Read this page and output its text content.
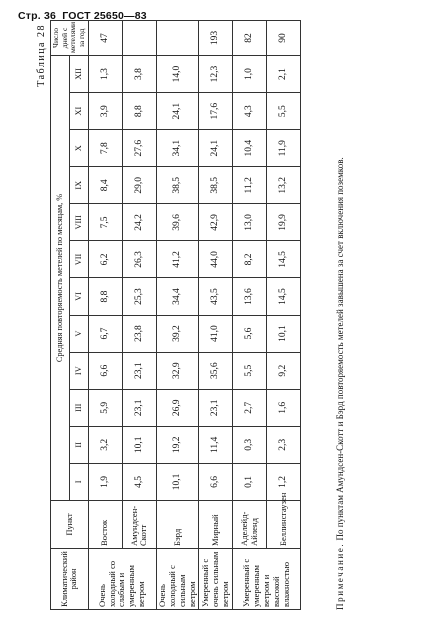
Стр. 36 ГОСТ 25650—83
Таблица 28
Климатический район	Пункт	Средняя повторяемость метелей по месяцам, %												Число дней с метелями за год
		I	II	III	IV	V	VI	VII	VIII	IX	X	XI	XII	
Очень холодный со слабым и умеренным ветром	Восток	1,9	3,2	5,9	6,6	6,7	8,8	6,2	7,5	8,4	7,8	3,9	1,3	47
	Амундсен-Скотт	4,5	10,1	23,1	23,1	23,8	25,3	26,3	24,2	29,0	27,6	8,8	3,8	
Очень холодный с сильным ветром	Бэрд	10,1	19,2	26,9	32,9	39,2	34,4	41,2	39,6	38,5	34,1	24,1	14,0	
Умеренный с очень сильным ветром	Мирный	6,6	11,4	23,1	35,6	41,0	43,5	44,0	42,9	38,5	24,1	17,6	12,3	193
Умеренный с умеренным ветром и высокой влажностью	Аделейд-Айленд	0,1	0,3	2,7	5,5	5,6	13,6	8,2	13,0	11,2	10,4	4,3	1,0	82
	Беллинсгаузен	1,2	2,3	1,6	9,2	10,1	14,5	14,5	19,9	13,2	11,9	5,5	2,1	90
Примечание. По пунктам Амундсен-Скотт и Бэрд повторяемость метелей завышена за счет включения поземков.
